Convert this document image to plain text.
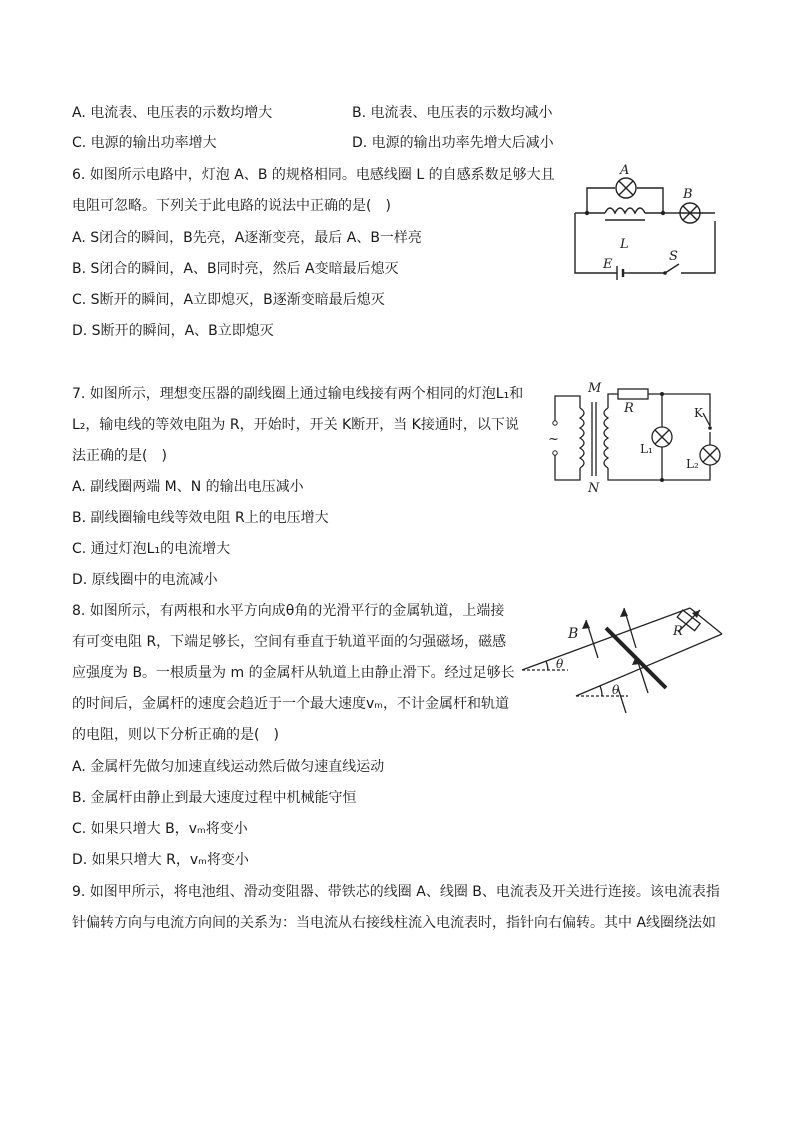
A. 电流表、电压表的示数均增大	B. 电流表、电压表的示数均减小
C. 电源的输出功率增大	D. 电源的输出功率先增大后减小
6. 如图所示电路中，灯泡 A、B 的规格相同。电感线圈 L 的自感系数足够大且
电阻可忽略。下列关于此电路的说法中正确的是(　)
A. S闭合的瞬间，B先亮，A逐渐变亮，最后 A、B一样亮
B. S闭合的瞬间，A、B同时亮，然后 A变暗最后熄灭
C. S断开的瞬间，A立即熄灭，B逐渐变暗最后熄灭
D. S断开的瞬间，A、B立即熄灭
A
B
L
E
S
7. 如图所示，理想变压器的副线圈上通过输电线接有两个相同的灯泡L₁和
L₂，输电线的等效电阻为 R，开始时，开关 K断开，当 K接通时，以下说
法正确的是(　)
A. 副线圈两端 M、N 的输出电压减小
B. 副线圈输电线等效电阻 R上的电压增大
C. 通过灯泡L₁的电流增大
D. 原线圈中的电流减小
~
M
N
R	K
L₁
L₂
8. 如图所示，有两根和水平方向成θ角的光滑平行的金属轨道，上端接
有可变电阻 R，下端足够长，空间有垂直于轨道平面的匀强磁场，磁感
应强度为 B。一根质量为 m 的金属杆从轨道上由静止滑下。经过足够长
的时间后，金属杆的速度会趋近于一个最大速度vₘ，不计金属杆和轨道
的电阻，则以下分析正确的是(　)
A. 金属杆先做匀加速直线运动然后做匀速直线运动
B. 金属杆由静止到最大速度过程中机械能守恒
C. 如果只增大 B，vₘ将变小
D. 如果只增大 R，vₘ将变小
B	R
θ
θ
9. 如图甲所示，将电池组、滑动变阻器、带铁芯的线圈 A、线圈 B、电流表及开关进行连接。该电流表指
针偏转方向与电流方向间的关系为：当电流从右接线柱流入电流表时，指针向右偏转。其中 A线圈绕法如
